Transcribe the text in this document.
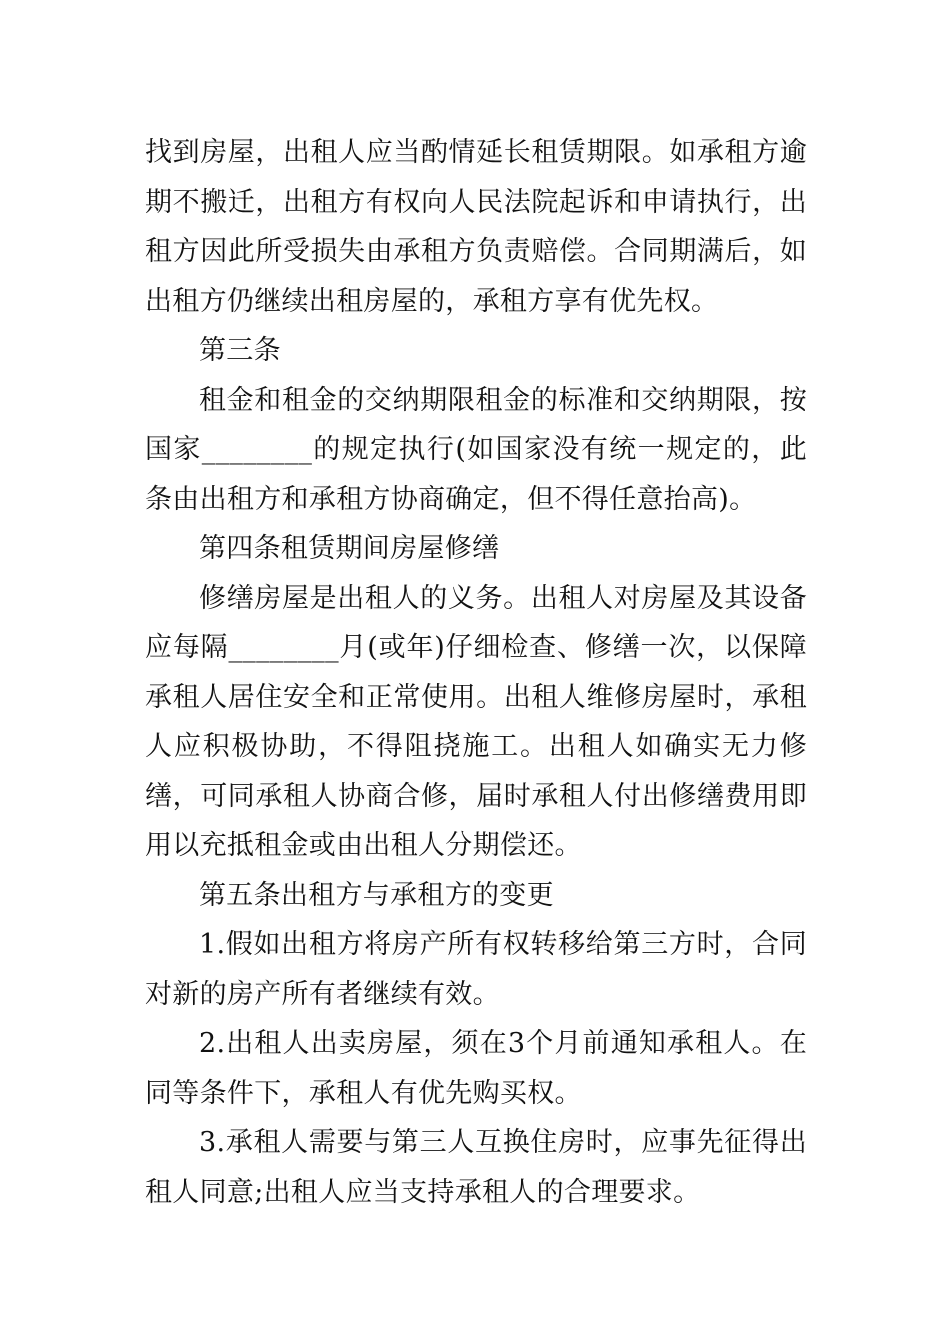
找到房屋，出租人应当酌情延长租赁期限。如承租方逾期不搬迁，出租方有权向人民法院起诉和申请执行，出租方因此所受损失由承租方负责赔偿。合同期满后，如出租方仍继续出租房屋的，承租方享有优先权。

第三条

租金和租金的交纳期限租金的标准和交纳期限，按国家________的规定执行(如国家没有统一规定的，此条由出租方和承租方协商确定，但不得任意抬高)。

第四条租赁期间房屋修缮

修缮房屋是出租人的义务。出租人对房屋及其设备应每隔________月(或年)仔细检查、修缮一次，以保障承租人居住安全和正常使用。出租人维修房屋时，承租人应积极协助，不得阻挠施工。出租人如确实无力修缮，可同承租人协商合修，届时承租人付出修缮费用即用以充抵租金或由出租人分期偿还。

第五条出租方与承租方的变更

1.假如出租方将房产所有权转移给第三方时，合同对新的房产所有者继续有效。

2.出租人出卖房屋，须在3个月前通知承租人。在同等条件下，承租人有优先购买权。

3.承租人需要与第三人互换住房时，应事先征得出租人同意;出租人应当支持承租人的合理要求。
